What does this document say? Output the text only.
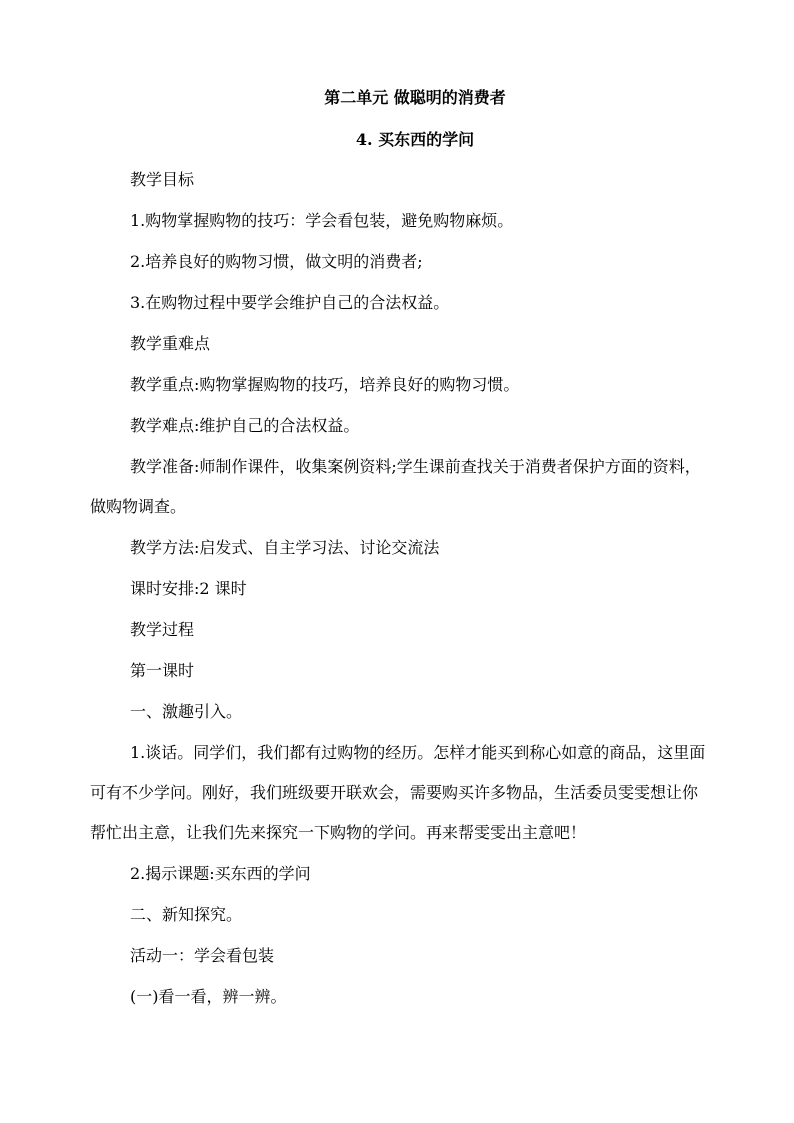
第二单元 做聪明的消费者
4. 买东西的学问

教学目标

1.购物掌握购物的技巧：学会看包装，避免购物麻烦。

2.培养良好的购物习惯，做文明的消费者;

3.在购物过程中要学会维护自己的合法权益。

教学重难点

教学重点:购物掌握购物的技巧，培养良好的购物习惯。

教学难点:维护自己的合法权益。

教学准备:师制作课件，收集案例资料;学生课前查找关于消费者保护方面的资料，做购物调查。

教学方法:启发式、自主学习法、讨论交流法

课时安排:2 课时

教学过程

第一课时

一、激趣引入。

1.谈话。同学们，我们都有过购物的经历。怎样才能买到称心如意的商品，这里面可有不少学问。刚好，我们班级要开联欢会，需要购买许多物品，生活委员雯雯想让你帮忙出主意，让我们先来探究一下购物的学问。再来帮雯雯出主意吧！

2.揭示课题:买东西的学问

二、新知探究。

活动一：学会看包装

(一)看一看，辨一辨。
